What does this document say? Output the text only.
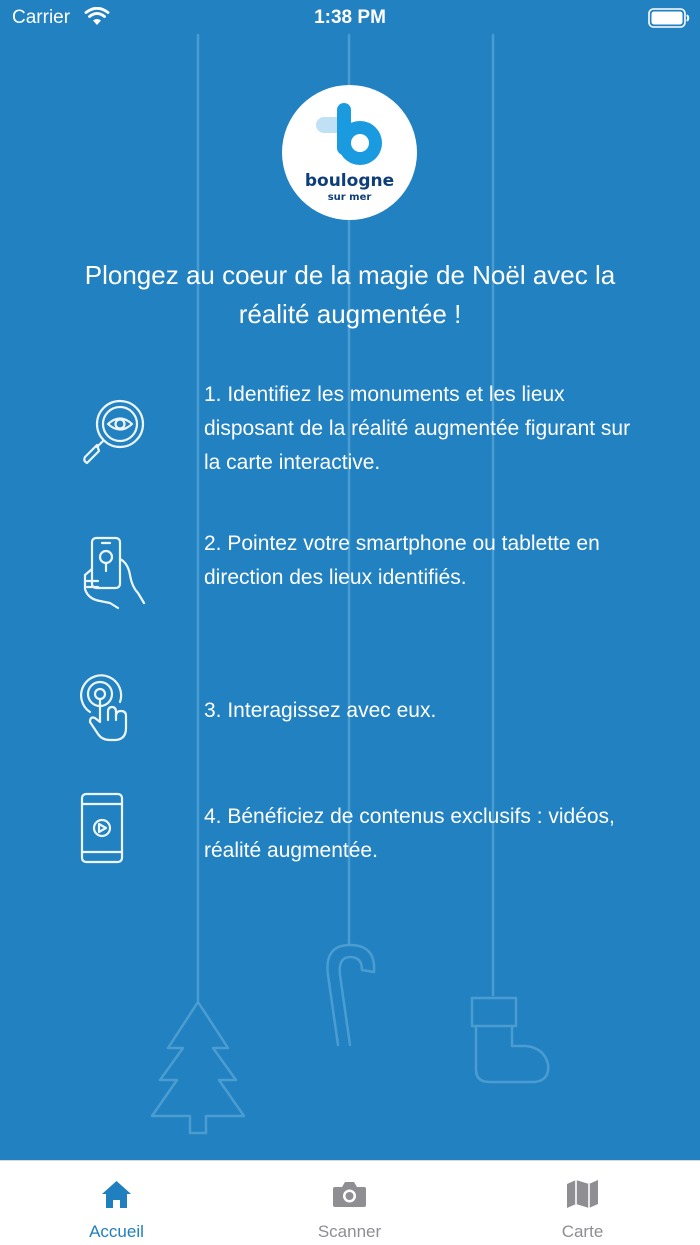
Carrier	1:38 PM
boulogne
sur mer
Plongez au coeur de la magie de Noël avec la réalité augmentée !
1. Identifiez les monuments et les lieux disposant de la réalité augmentée figurant sur la carte interactive.
2. Pointez votre smartphone ou tablette en direction des lieux identifiés.
3. Interagissez avec eux.
4. Bénéficiez de contenus exclusifs : vidéos, réalité augmentée.
Accueil	Scanner	Carte
